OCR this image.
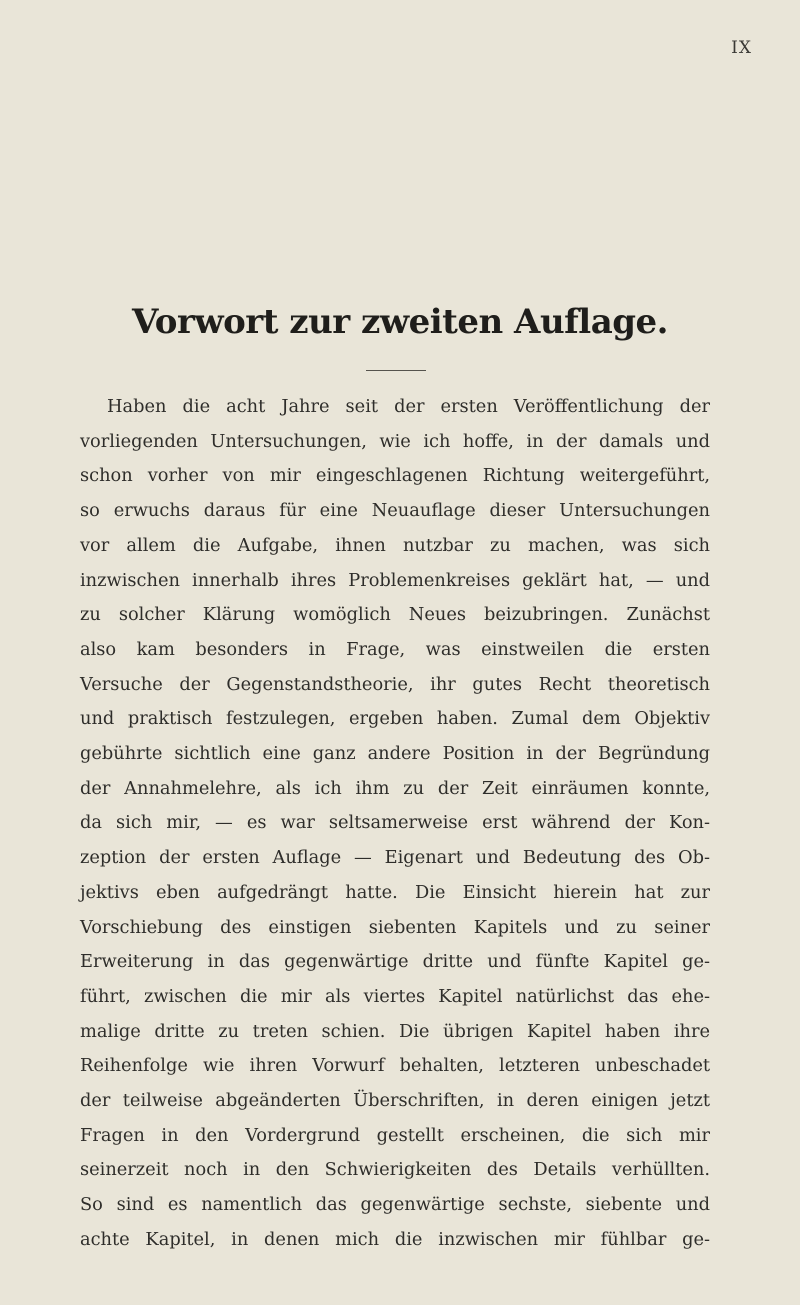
IX
Vorwort zur zweiten Auflage.
Haben die acht Jahre seit der ersten Veröffentlichung der
vorliegenden Untersuchungen, wie ich hoffe, in der damals und
schon vorher von mir eingeschlagenen Richtung weitergeführt,
so erwuchs daraus für eine Neuauflage dieser Untersuchungen
vor allem die Aufgabe, ihnen nutzbar zu machen, was sich
inzwischen innerhalb ihres Problemenkreises geklärt hat, — und
zu solcher Klärung womöglich Neues beizubringen. Zunächst
also kam besonders in Frage, was einstweilen die ersten
Versuche der Gegenstandstheorie, ihr gutes Recht theoretisch
und praktisch festzulegen, ergeben haben. Zumal dem Objektiv
gebührte sichtlich eine ganz andere Position in der Begründung
der Annahmelehre, als ich ihm zu der Zeit einräumen konnte,
da sich mir, — es war seltsamerweise erst während der Kon-
zeption der ersten Auflage — Eigenart und Bedeutung des Ob-
jektivs eben aufgedrängt hatte. Die Einsicht hierein hat zur
Vorschiebung des einstigen siebenten Kapitels und zu seiner
Erweiterung in das gegenwärtige dritte und fünfte Kapitel ge-
führt, zwischen die mir als viertes Kapitel natürlichst das ehe-
malige dritte zu treten schien. Die übrigen Kapitel haben ihre
Reihenfolge wie ihren Vorwurf behalten, letzteren unbeschadet
der teilweise abgeänderten Überschriften, in deren einigen jetzt
Fragen in den Vordergrund gestellt erscheinen, die sich mir
seinerzeit noch in den Schwierigkeiten des Details verhüllten.
So sind es namentlich das gegenwärtige sechste, siebente und
achte Kapitel, in denen mich die inzwischen mir fühlbar ge-
